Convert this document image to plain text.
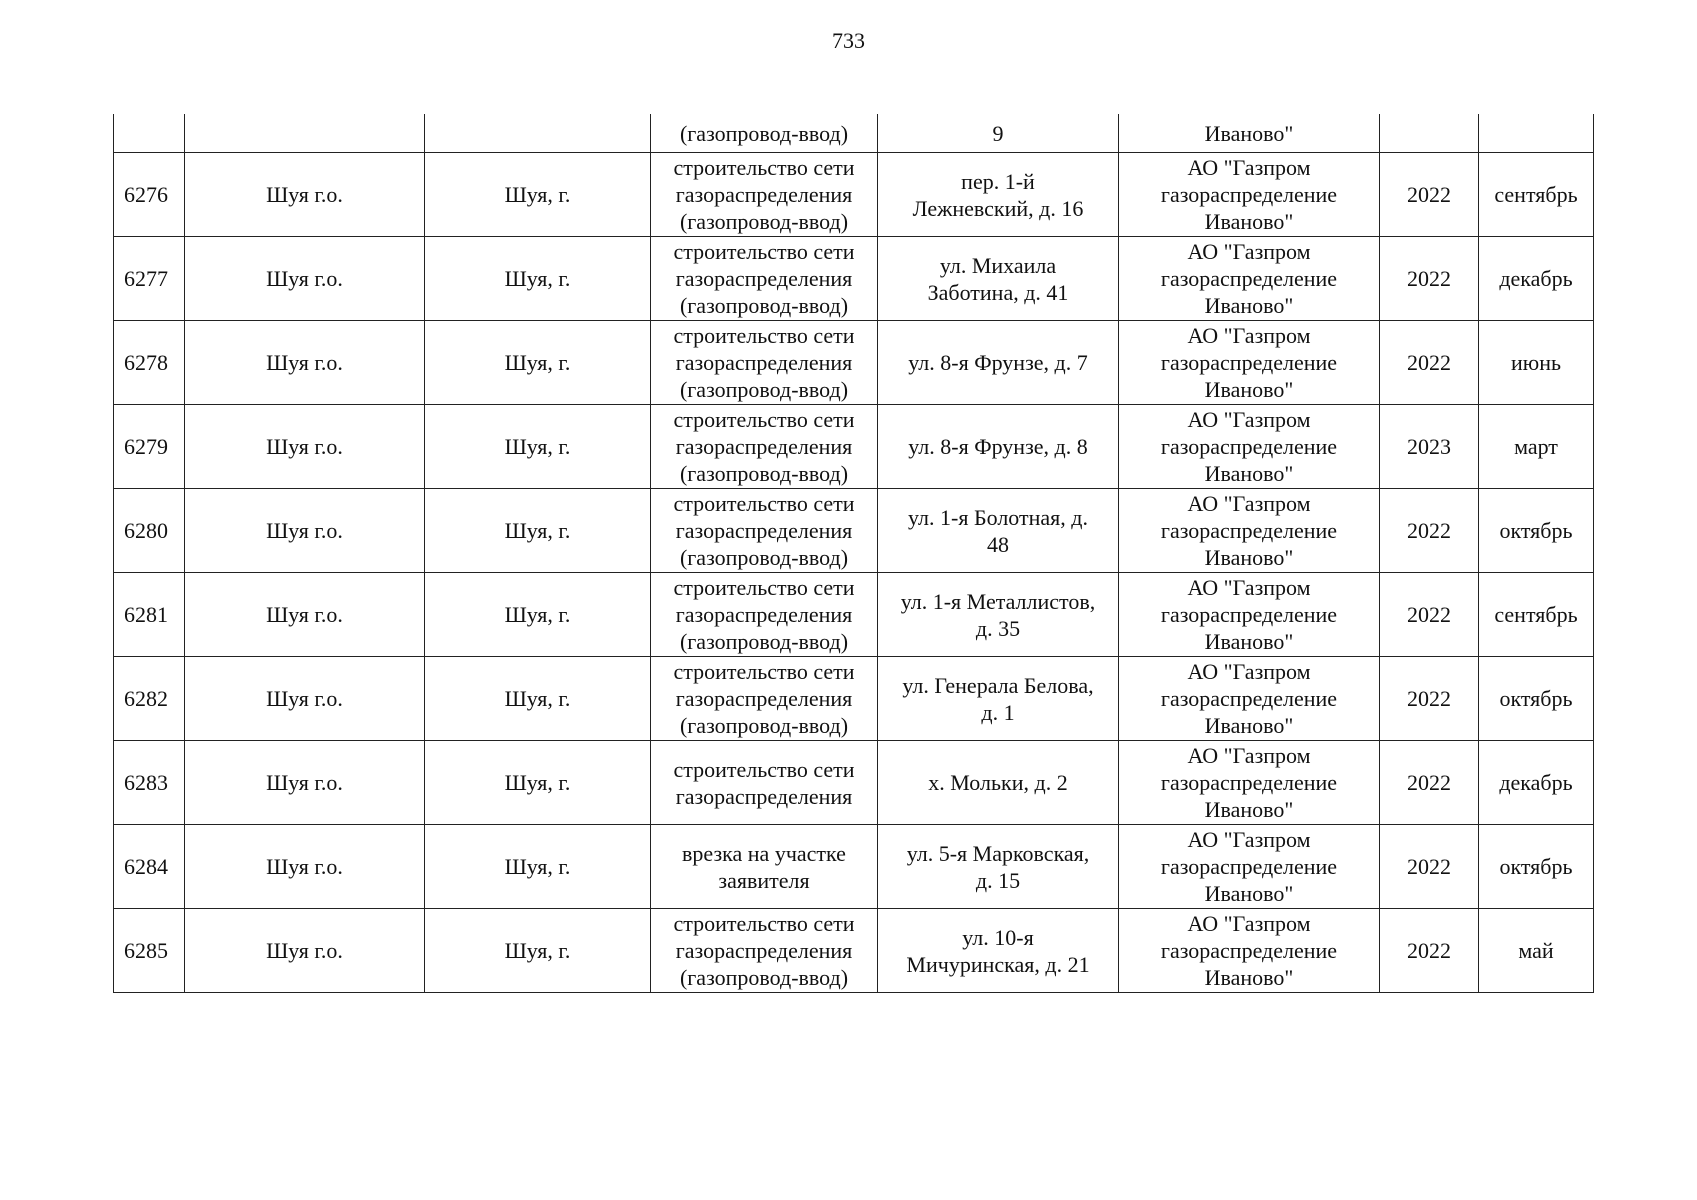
733
			(газопровод-ввод)	9	Иваново"		
6276	Шуя г.о.	Шуя, г.	строительство сети
газораспределения
(газопровод-ввод)	пер. 1-й
Лежневский, д. 16	АО "Газпром
газораспределение
Иваново"	2022	сентябрь
6277	Шуя г.о.	Шуя, г.	строительство сети
газораспределения
(газопровод-ввод)	ул. Михаила
Заботина, д. 41	АО "Газпром
газораспределение
Иваново"	2022	декабрь
6278	Шуя г.о.	Шуя, г.	строительство сети
газораспределения
(газопровод-ввод)	ул. 8-я Фрунзе, д. 7	АО "Газпром
газораспределение
Иваново"	2022	июнь
6279	Шуя г.о.	Шуя, г.	строительство сети
газораспределения
(газопровод-ввод)	ул. 8-я Фрунзе, д. 8	АО "Газпром
газораспределение
Иваново"	2023	март
6280	Шуя г.о.	Шуя, г.	строительство сети
газораспределения
(газопровод-ввод)	ул. 1-я Болотная, д.
48	АО "Газпром
газораспределение
Иваново"	2022	октябрь
6281	Шуя г.о.	Шуя, г.	строительство сети
газораспределения
(газопровод-ввод)	ул. 1-я Металлистов,
д. 35	АО "Газпром
газораспределение
Иваново"	2022	сентябрь
6282	Шуя г.о.	Шуя, г.	строительство сети
газораспределения
(газопровод-ввод)	ул. Генерала Белова,
д. 1	АО "Газпром
газораспределение
Иваново"	2022	октябрь
6283	Шуя г.о.	Шуя, г.	строительство сети
газораспределения	х. Мольки, д. 2	АО "Газпром
газораспределение
Иваново"	2022	декабрь
6284	Шуя г.о.	Шуя, г.	врезка на участке
заявителя	ул. 5-я Марковская,
д. 15	АО "Газпром
газораспределение
Иваново"	2022	октябрь
6285	Шуя г.о.	Шуя, г.	строительство сети
газораспределения
(газопровод-ввод)	ул. 10-я
Мичуринская, д. 21	АО "Газпром
газораспределение
Иваново"	2022	май
